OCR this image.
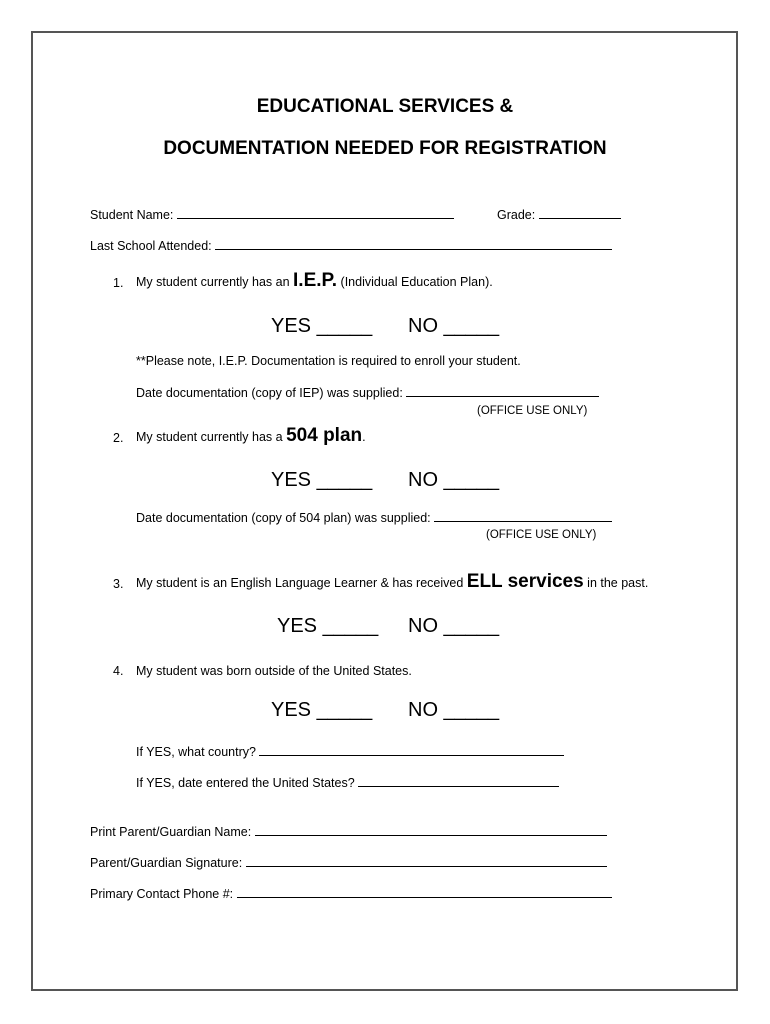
EDUCATIONAL SERVICES &
DOCUMENTATION NEEDED FOR REGISTRATION
Student Name:	Grade:
Last School Attended:
1. My student currently has an I.E.P. (Individual Education Plan).
YES _____ NO _____
**Please note, I.E.P. Documentation is required to enroll your student.
Date documentation (copy of IEP) was supplied:
(OFFICE USE ONLY)
2. My student currently has a 504 plan.
YES _____ NO _____
Date documentation (copy of 504 plan) was supplied:
(OFFICE USE ONLY)
3. My student is an English Language Learner & has received ELL services in the past.
YES _____ NO _____
4. My student was born outside of the United States.
YES _____ NO _____
If YES, what country?
If YES, date entered the United States?
Print Parent/Guardian Name:
Parent/Guardian Signature:
Primary Contact Phone #:
